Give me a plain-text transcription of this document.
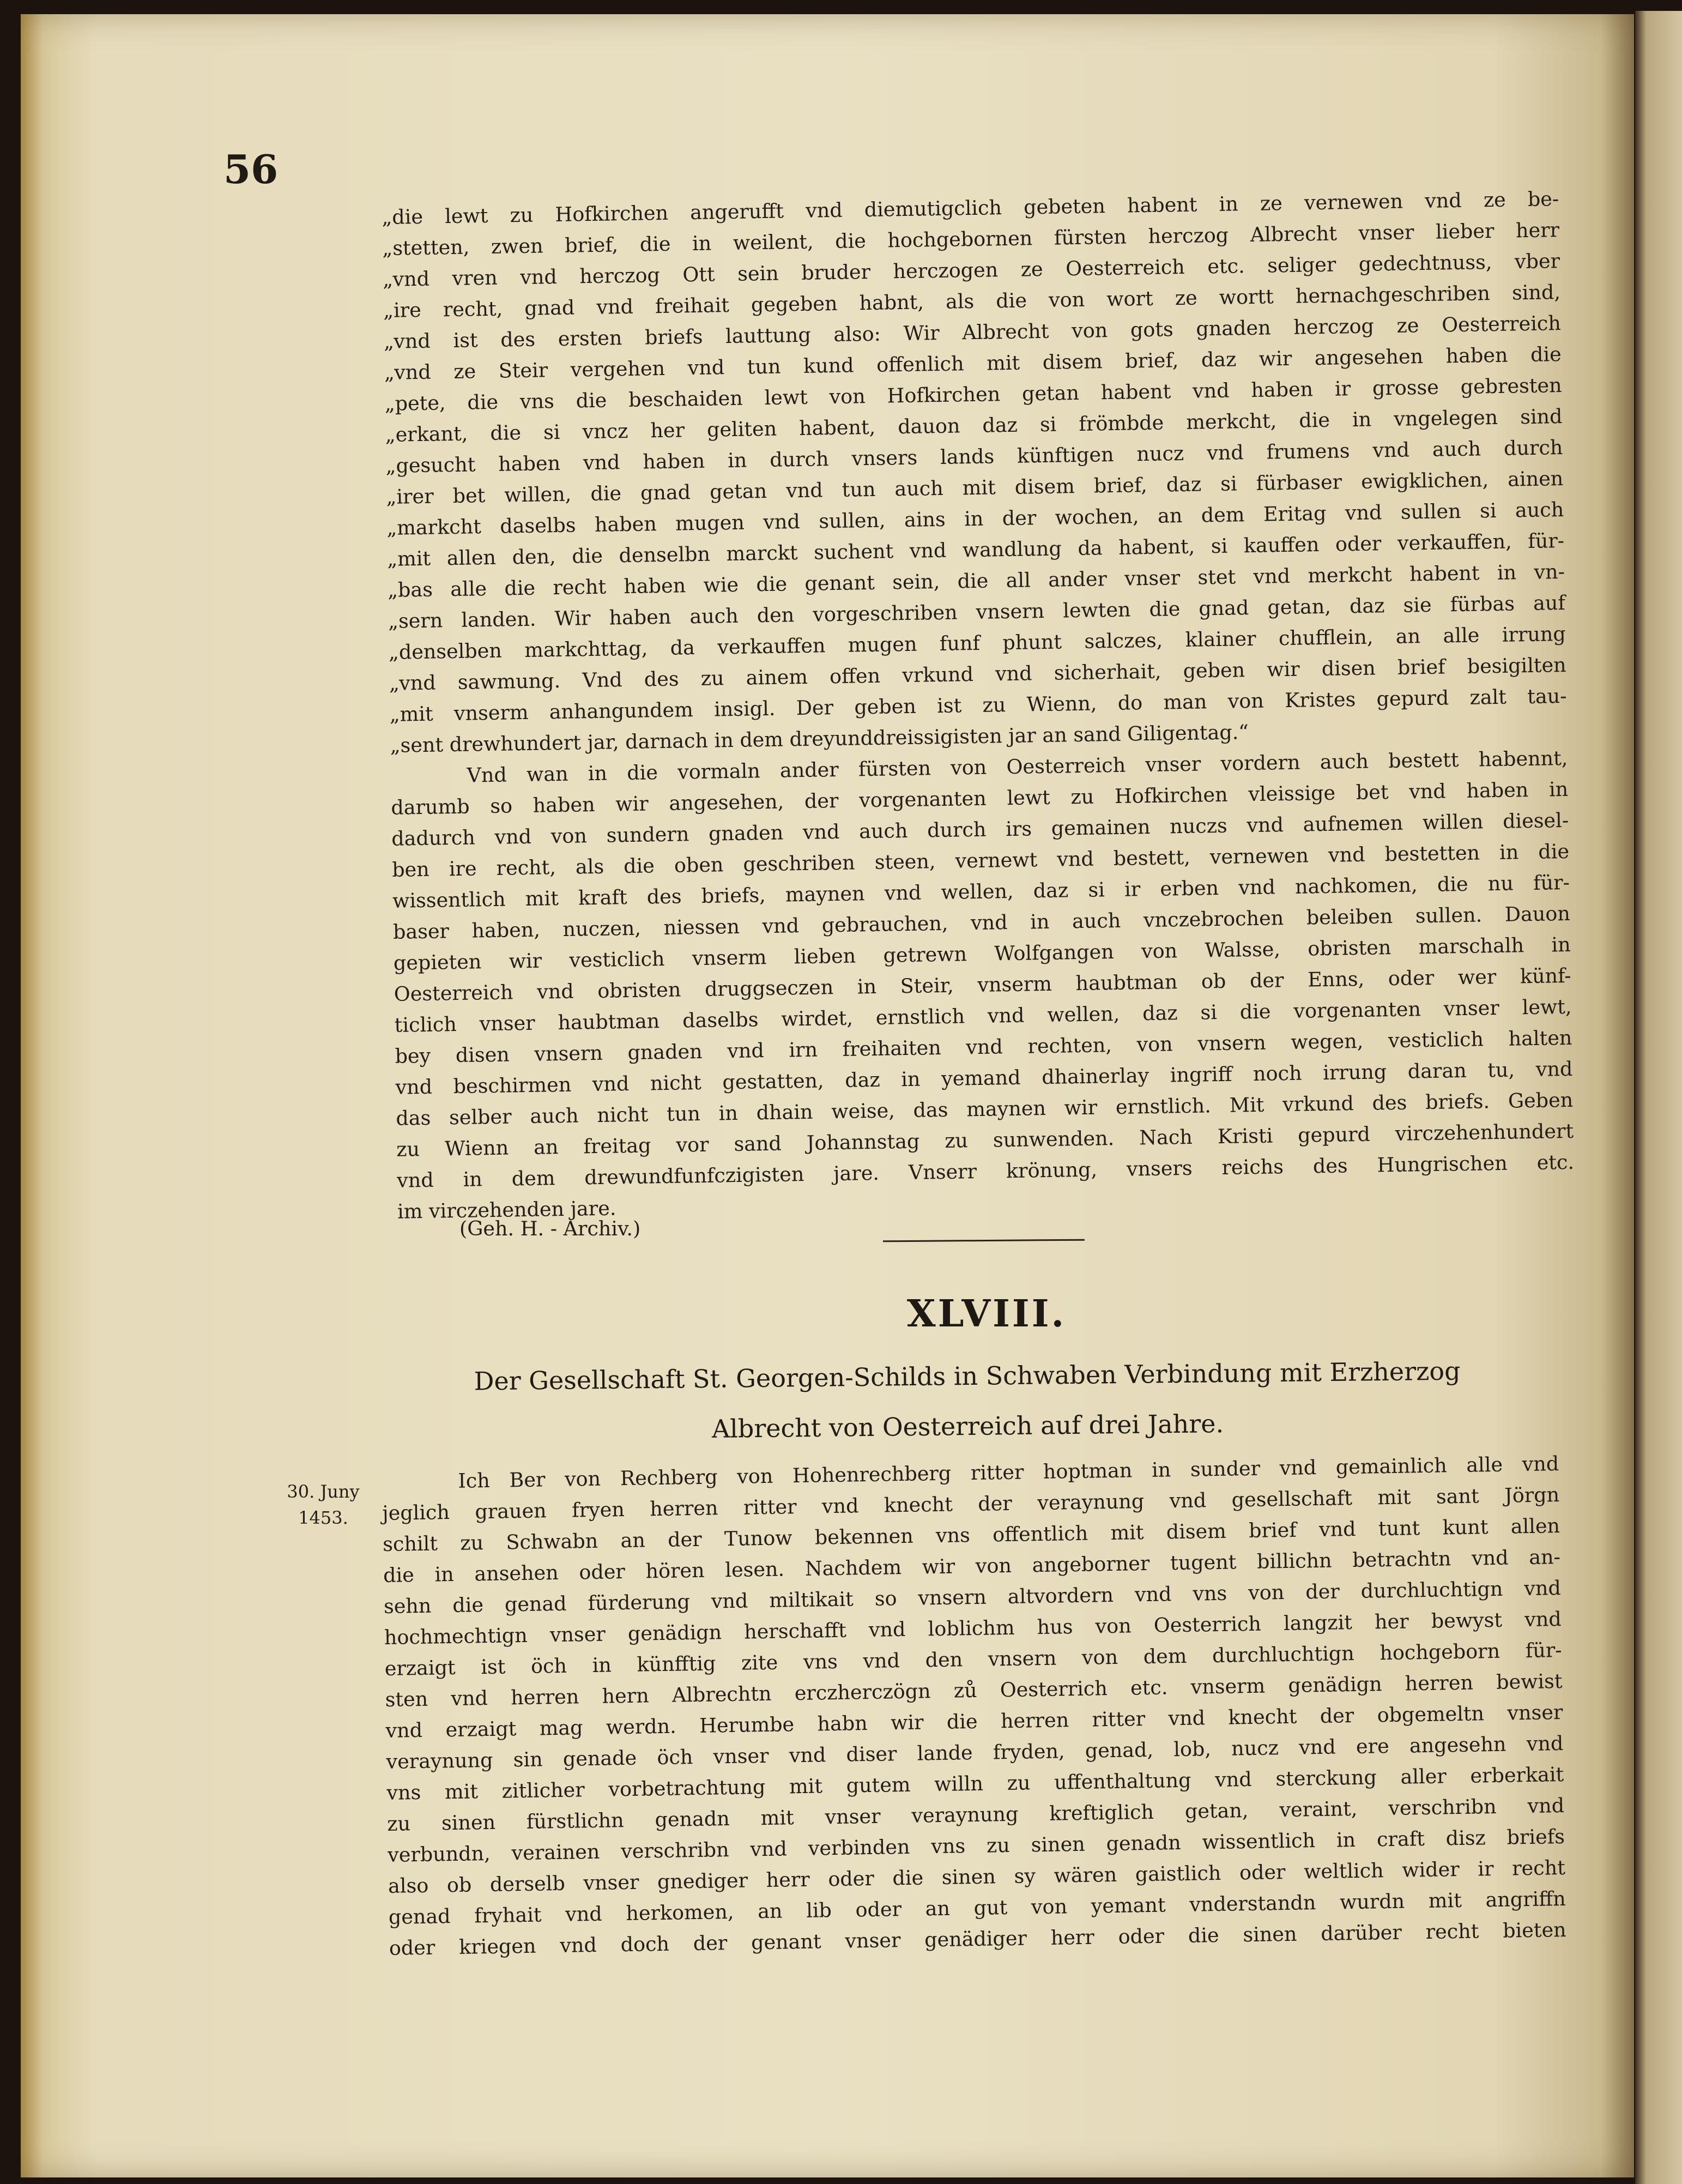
56
„die lewt zu Hofkirchen angerufft vnd diemutigclich gebeten habent in ze vernewen vnd ze be-
„stetten, zwen brief, die in weilent, die hochgebornen fürsten herczog Albrecht vnser lieber herr
„vnd vren vnd herczog Ott sein bruder herczogen ze Oesterreich etc. seliger gedechtnuss, vber
„ire recht, gnad vnd freihait gegeben habnt, als die von wort ze wortt hernachgeschriben sind,
„vnd ist des ersten briefs lauttung also: Wir Albrecht von gots gnaden herczog ze Oesterreich
„vnd ze Steir vergehen vnd tun kund offenlich mit disem brief, daz wir angesehen haben die
„pete, die vns die beschaiden lewt von Hofkirchen getan habent vnd haben ir grosse gebresten
„erkant, die si vncz her geliten habent, dauon daz si frömbde merkcht, die in vngelegen sind
„gesucht haben vnd haben in durch vnsers lands künftigen nucz vnd frumens vnd auch durch
„irer bet willen, die gnad getan vnd tun auch mit disem brief, daz si fürbaser ewigklichen, ainen
„markcht daselbs haben mugen vnd sullen, ains in der wochen, an dem Eritag vnd sullen si auch
„mit allen den, die denselbn marckt suchent vnd wandlung da habent, si kauffen oder verkauffen, für-
„bas alle die recht haben wie die genant sein, die all ander vnser stet vnd merkcht habent in vn-
„sern landen. Wir haben auch den vorgeschriben vnsern lewten die gnad getan, daz sie fürbas auf
„denselben markchttag, da verkauffen mugen funf phunt salczes, klainer chufflein, an alle irrung
„vnd sawmung. Vnd des zu ainem offen vrkund vnd sicherhait, geben wir disen brief besigilten
„mit vnserm anhangundem insigl. Der geben ist zu Wienn, do man von Kristes gepurd zalt tau-
„sent drewhundert jar, darnach in dem dreyunddreissigisten jar an sand Giligentag.“
Vnd wan in die vormaln ander fürsten von Oesterreich vnser vordern auch bestett habennt,
darumb so haben wir angesehen, der vorgenanten lewt zu Hofkirchen vleissige bet vnd haben in
dadurch vnd von sundern gnaden vnd auch durch irs gemainen nuczs vnd aufnemen willen diesel-
ben ire recht, als die oben geschriben steen, vernewt vnd bestett, vernewen vnd bestetten in die
wissentlich mit kraft des briefs, maynen vnd wellen, daz si ir erben vnd nachkomen, die nu für-
baser haben, nuczen, niessen vnd gebrauchen, vnd in auch vnczebrochen beleiben sullen. Dauon
gepieten wir vesticlich vnserm lieben getrewn Wolfgangen von Walsse, obristen marschalh in
Oesterreich vnd obristen druggseczen in Steir, vnserm haubtman ob der Enns, oder wer künf-
ticlich vnser haubtman daselbs wirdet, ernstlich vnd wellen, daz si die vorgenanten vnser lewt,
bey disen vnsern gnaden vnd irn freihaiten vnd rechten, von vnsern wegen, vesticlich halten
vnd beschirmen vnd nicht gestatten, daz in yemand dhainerlay ingriff noch irrung daran tu, vnd
das selber auch nicht tun in dhain weise, das maynen wir ernstlich. Mit vrkund des briefs. Geben
zu Wienn an freitag vor sand Johannstag zu sunwenden. Nach Kristi gepurd virczehenhundert
vnd in dem drewundfunfczigisten jare. Vnserr krönung, vnsers reichs des Hungrischen etc.
im virczehenden jare.
(Geh. H. - Archiv.)
XLVIII.
Der Gesellschaft St. Georgen-Schilds in Schwaben Verbindung mit Erzherzog
Albrecht von Oesterreich auf drei Jahre.
30. Juny
1453.
Ich Ber von Rechberg von Hohenrechberg ritter hoptman in sunder vnd gemainlich alle vnd
jeglich grauen fryen herren ritter vnd knecht der veraynung vnd gesellschaft mit sant Jörgn
schilt zu Schwabn an der Tunow bekennen vns offentlich mit disem brief vnd tunt kunt allen
die in ansehen oder hören lesen. Nachdem wir von angeborner tugent billichn betrachtn vnd an-
sehn die genad fürderung vnd miltikait so vnsern altvordern vnd vns von der durchluchtign vnd
hochmechtign vnser genädign herschafft vnd loblichm hus von Oesterrich langzit her bewyst vnd
erzaigt ist öch in künfftig zite vns vnd den vnsern von dem durchluchtign hochgeborn für-
sten vnd herren hern Albrechtn erczherczögn zů Oesterrich etc. vnserm genädign herren bewist
vnd erzaigt mag werdn. Herumbe habn wir die herren ritter vnd knecht der obgemeltn vnser
veraynung sin genade öch vnser vnd diser lande fryden, genad, lob, nucz vnd ere angesehn vnd
vns mit zitlicher vorbetrachtung mit gutem willn zu uffenthaltung vnd sterckung aller erberkait
zu sinen fürstlichn genadn mit vnser veraynung kreftiglich getan, veraint, verschribn vnd
verbundn, verainen verschribn vnd verbinden vns zu sinen genadn wissentlich in craft disz briefs
also ob derselb vnser gnediger herr oder die sinen sy wären gaistlich oder weltlich wider ir recht
genad fryhait vnd herkomen, an lib oder an gut von yemant vnderstandn wurdn mit angriffn
oder kriegen vnd doch der genant vnser genädiger herr oder die sinen darüber recht bieten
